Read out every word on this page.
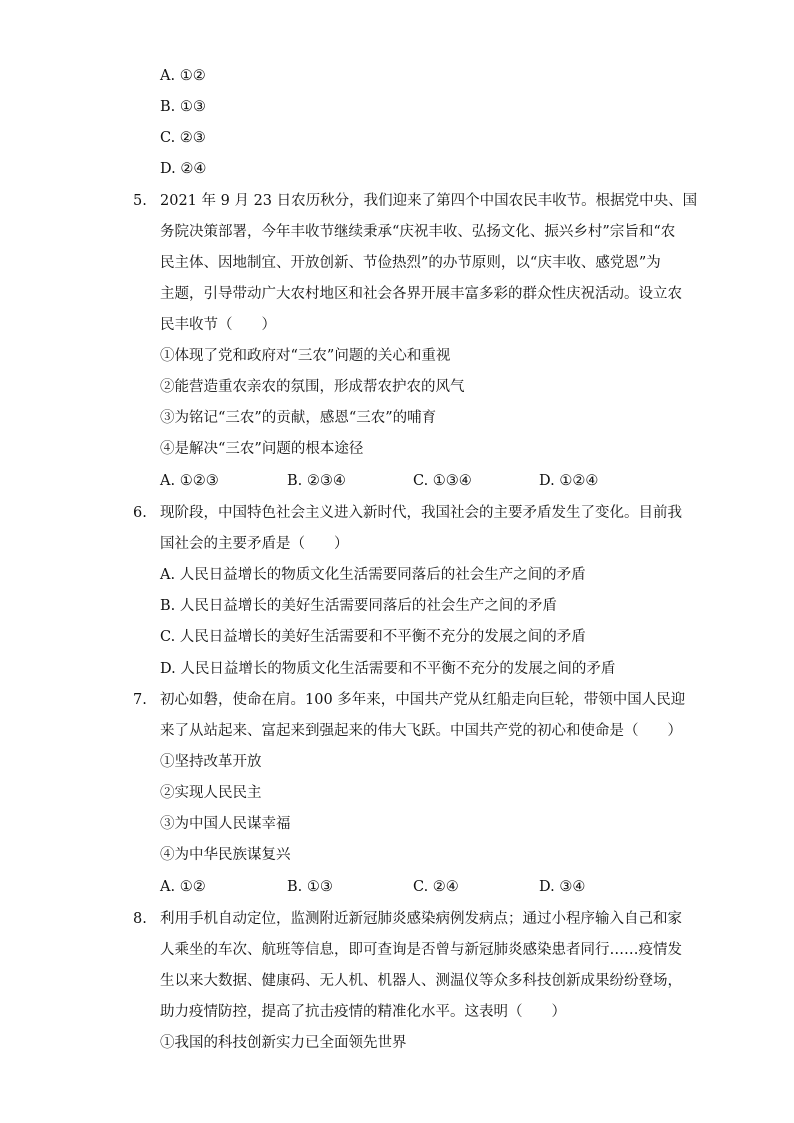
A. ①②
B. ①③
C. ②③
D. ②④
5. 2021 年 9 月 23 日农历秋分，我们迎来了第四个中国农民丰收节。根据党中央、国
务院决策部署，今年丰收节继续秉承“庆祝丰收、弘扬文化、振兴乡村”宗旨和“农
民主体、因地制宜、开放创新、节俭热烈”的办节原则，以“庆丰收、感党恩”为
主题，引导带动广大农村地区和社会各界开展丰富多彩的群众性庆祝活动。设立农
民丰收节（　　）
①体现了党和政府对“三农”问题的关心和重视
②能营造重农亲农的氛围，形成帮农护农的风气
③为铭记“三农”的贡献，感恩“三农”的哺育
④是解决“三农”问题的根本途径
A. ①②③	B. ②③④	C. ①③④	D. ①②④
6. 现阶段，中国特色社会主义进入新时代，我国社会的主要矛盾发生了变化。目前我
国社会的主要矛盾是（　　）
A. 人民日益增长的物质文化生活需要同落后的社会生产之间的矛盾
B. 人民日益增长的美好生活需要同落后的社会生产之间的矛盾
C. 人民日益增长的美好生活需要和不平衡不充分的发展之间的矛盾
D. 人民日益增长的物质文化生活需要和不平衡不充分的发展之间的矛盾
7. 初心如磐，使命在肩。100 多年来，中国共产党从红船走向巨轮，带领中国人民迎
来了从站起来、富起来到强起来的伟大飞跃。中国共产党的初心和使命是（　　）
①坚持改革开放
②实现人民民主
③为中国人民谋幸福
④为中华民族谋复兴
A. ①②	B. ①③	C. ②④	D. ③④
8. 利用手机自动定位，监测附近新冠肺炎感染病例发病点；通过小程序输入自己和家
人乘坐的车次、航班等信息，即可查询是否曾与新冠肺炎感染患者同行……疫情发
生以来大数据、健康码、无人机、机器人、测温仪等众多科技创新成果纷纷登场，
助力疫情防控，提高了抗击疫情的精准化水平。这表明（　　）
①我国的科技创新实力已全面领先世界
